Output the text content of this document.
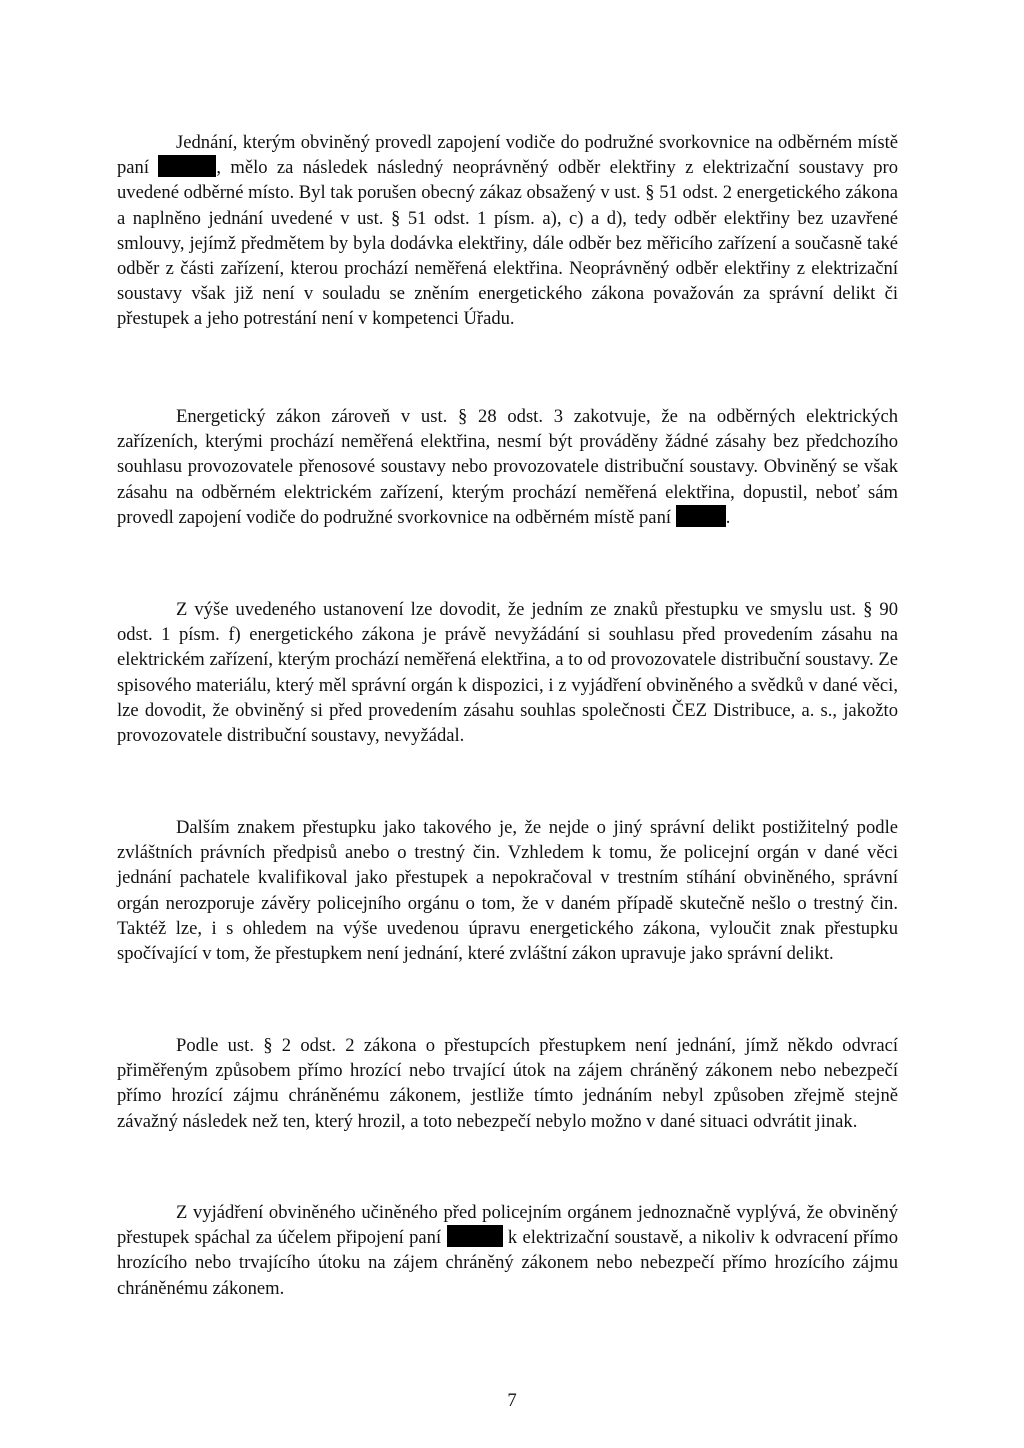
Jednání, kterým obviněný provedl zapojení vodiče do podružné svorkovnice na odběrném místě paní	, mělo za následek následný neoprávněný odběr elektřiny z elektrizační soustavy pro uvedené odběrné místo. Byl tak porušen obecný zákaz obsažený v ust. § 51 odst. 2 energetického zákona a naplněno jednání uvedené v ust. § 51 odst. 1 písm. a), c) a d), tedy odběr elektřiny bez uzavřené smlouvy, jejímž předmětem by byla dodávka elektřiny, dále odběr bez měřicího zařízení a současně také odběr z části zařízení, kterou prochází neměřená elektřina. Neoprávněný odběr elektřiny z elektrizační soustavy však již není v souladu se zněním energetického zákona považován za správní delikt či přestupek a jeho potrestání není v kompetenci Úřadu.

Energetický zákon zároveň v ust. § 28 odst. 3 zakotvuje, že na odběrných elektrických zařízeních, kterými prochází neměřená elektřina, nesmí být prováděny žádné zásahy bez předchozího souhlasu provozovatele přenosové soustavy nebo provozovatele distribuční soustavy. Obviněný se však zásahu na odběrném elektrickém zařízení, kterým prochází neměřená elektřina, dopustil, neboť sám provedl zapojení vodiče do podružné svorkovnice na odběrném místě paní	.

Z výše uvedeného ustanovení lze dovodit, že jedním ze znaků přestupku ve smyslu ust. § 90 odst. 1 písm. f) energetického zákona je právě nevyžádání si souhlasu před provedením zásahu na elektrickém zařízení, kterým prochází neměřená elektřina, a to od provozovatele distribuční soustavy. Ze spisového materiálu, který měl správní orgán k dispozici, i z vyjádření obviněného a svědků v dané věci, lze dovodit, že obviněný si před provedením zásahu souhlas společnosti ČEZ Distribuce, a. s., jakožto provozovatele distribuční soustavy, nevyžádal.

Dalším znakem přestupku jako takového je, že nejde o jiný správní delikt postižitelný podle zvláštních právních předpisů anebo o trestný čin. Vzhledem k tomu, že policejní orgán v dané věci jednání pachatele kvalifikoval jako přestupek a nepokračoval v trestním stíhání obviněného, správní orgán nerozporuje závěry policejního orgánu o tom, že v daném případě skutečně nešlo o trestný čin. Taktéž lze, i s ohledem na výše uvedenou úpravu energetického zákona, vyloučit znak přestupku spočívající v tom, že přestupkem není jednání, které zvláštní zákon upravuje jako správní delikt.

Podle ust. § 2 odst. 2 zákona o přestupcích přestupkem není jednání, jímž někdo odvrací přiměřeným způsobem přímo hrozící nebo trvající útok na zájem chráněný zákonem nebo nebezpečí přímo hrozící zájmu chráněnému zákonem, jestliže tímto jednáním nebyl způsoben zřejmě stejně závažný následek než ten, který hrozil, a toto nebezpečí nebylo možno v dané situaci odvrátit jinak.

Z vyjádření obviněného učiněného před policejním orgánem jednoznačně vyplývá, že obviněný přestupek spáchal za účelem připojení paní	k elektrizační soustavě, a nikoliv k odvracení přímo hrozícího nebo trvajícího útoku na zájem chráněný zákonem nebo nebezpečí přímo hrozícího zájmu chráněnému zákonem.

7
